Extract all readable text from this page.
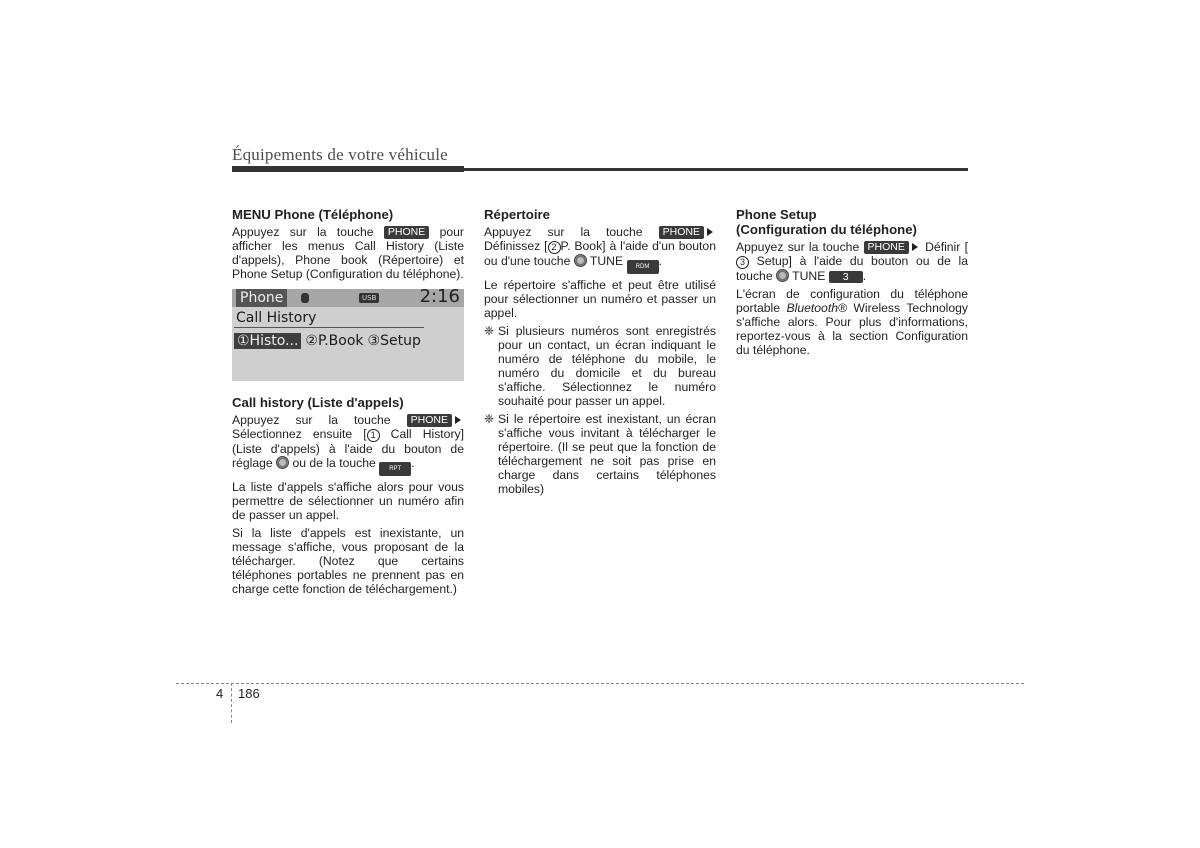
Équipements de votre véhicule
MENU Phone (Téléphone)
Appuyez sur la touche PHONE pour afficher les menus Call History (Liste d'appels), Phone book (Répertoire) et Phone Setup (Configuration du téléphone).
Phone	USB 2:16
Call History
①Histo... ②P.Book ③Setup
Call history (Liste d'appels)
Appuyez sur la touche PHONE Sélectionnez ensuite [ 1 Call History] (Liste d'appels) à l'aide du bouton de réglage  ou de la touche RPT .
La liste d'appels s'affiche alors pour vous permettre de sélectionner un numéro afin de passer un appel.
Si la liste d'appels est inexistante, un message s'affiche, vous proposant de la télécharger. (Notez que certains téléphones portables ne prennent pas en charge cette fonction de téléchargement.)
Répertoire
Appuyez sur la touche PHONE Définissez [ 2 P. Book] à l'aide d'un bouton ou d'une touche  TUNE RDM .
Le répertoire s'affiche et peut être utilisé pour sélectionner un numéro et passer un appel.
❈ Si plusieurs numéros sont enregistrés pour un contact, un écran indiquant le numéro de téléphone du mobile, le numéro du domicile et du bureau s'affiche. Sélectionnez le numéro souhaité pour passer un appel.
❈ Si le répertoire est inexistant, un écran s'affiche vous invitant à télécharger le répertoire. (Il se peut que la fonction de téléchargement ne soit pas prise en charge dans certains téléphones mobiles)
Phone Setup
(Configuration du téléphone)
Appuyez sur la touche PHONE Définir [3 Setup] à l'aide du bouton ou de la touche  TUNE 3 .
L'écran de configuration du téléphone portable Bluetooth® Wireless Technology s'affiche alors. Pour plus d'informations, reportez-vous à la section Configuration du téléphone.
4 186
